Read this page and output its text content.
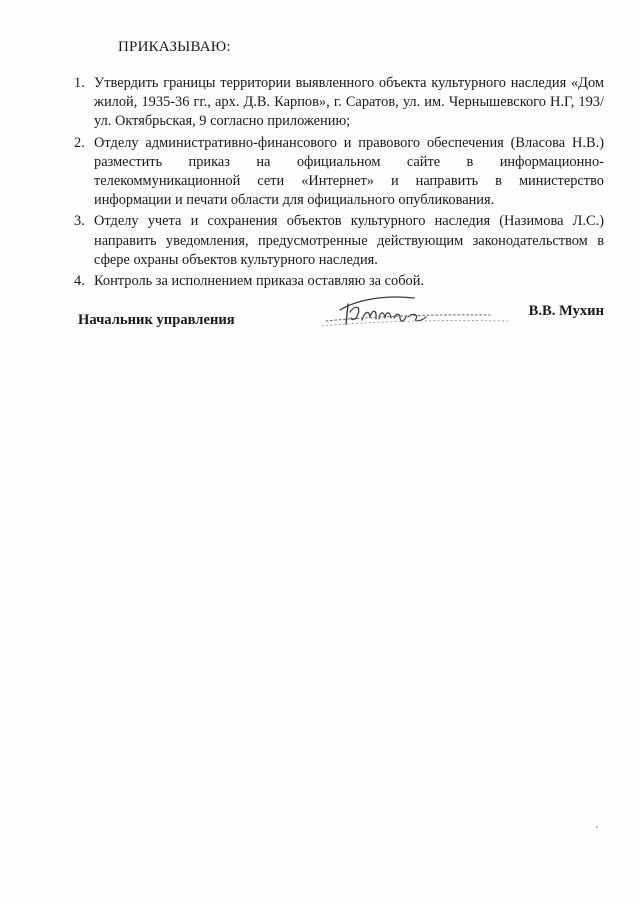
ПРИКАЗЫВАЮ:
1. Утвердить границы территории выявленного объекта культурного наследия «Дом жилой, 1935-36 гг., арх. Д.В. Карпов», г. Саратов, ул. им. Чернышевского Н.Г, 193/ул. Октябрьская, 9 согласно приложению;
2. Отделу административно-финансового и правового обеспечения (Власова Н.В.) разместить приказ на официальном сайте в информационно-телекоммуникационной сети «Интернет» и направить в министерство информации и печати области для официального опубликования.
3. Отделу учета и сохранения объектов культурного наследия (Назимова Л.С.) направить уведомления, предусмотренные действующим законодательством в сфере охраны объектов культурного наследия.
4. Контроль за исполнением приказа оставляю за собой.
Начальник управления
В.В. Мухин
